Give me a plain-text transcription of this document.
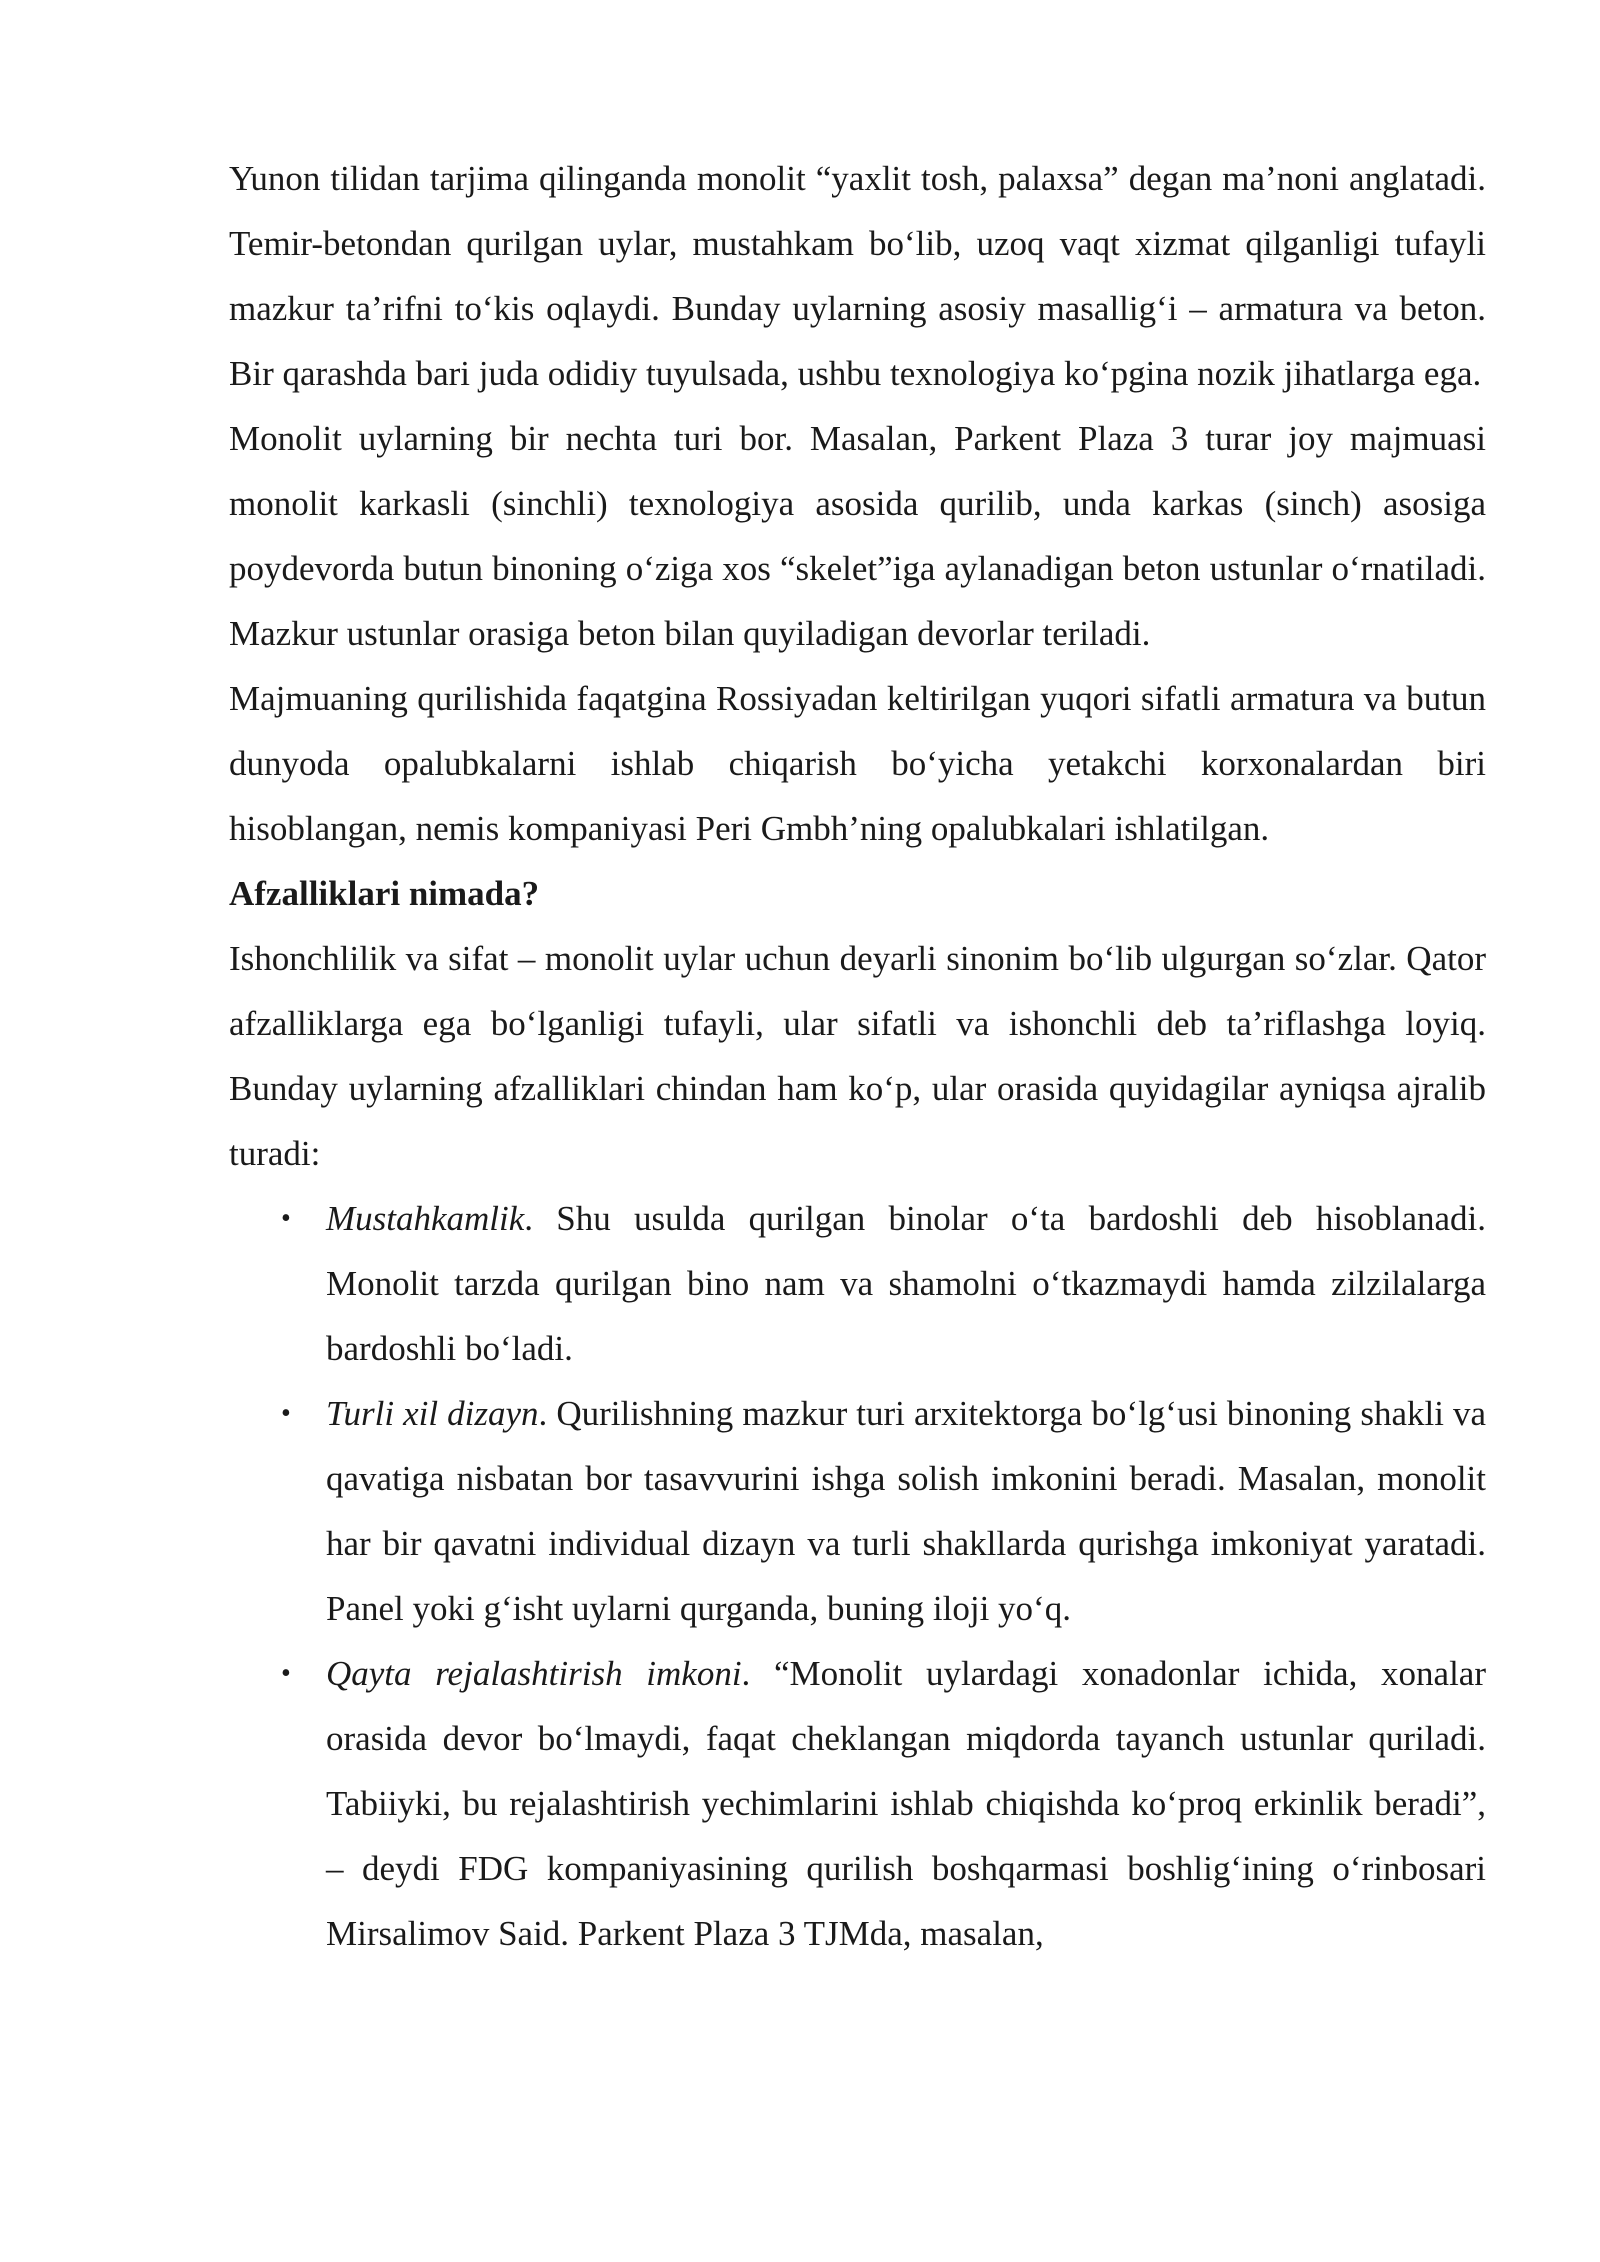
Yunon tilidan tarjima qilinganda monolit “yaxlit tosh, palaxsa” degan ma’noni anglatadi. Temir-betondan qurilgan uylar, mustahkam bo‘lib, uzoq vaqt xizmat qilganligi tufayli mazkur ta’rifni to‘kis oqlaydi. Bunday uylarning asosiy masallig‘i – armatura va beton. Bir qarashda bari juda odidiy tuyulsada, ushbu texnologiya ko‘pgina nozik jihatlarga ega.

Monolit uylarning bir nechta turi bor. Masalan, Parkent Plaza 3 turar joy majmuasi monolit karkasli (sinchli) texnologiya asosida qurilib, unda karkas (sinch) asosiga poydevorda butun binoning o‘ziga xos “skelet”iga aylanadigan beton ustunlar o‘rnatiladi. Mazkur ustunlar orasiga beton bilan quyiladigan devorlar teriladi.

Majmuaning qurilishida faqatgina Rossiyadan keltirilgan yuqori sifatli armatura va butun dunyoda opalubkalarni ishlab chiqarish bo‘yicha yetakchi korxonalardan biri hisoblangan, nemis kompaniyasi Peri Gmbh’ning opalubkalari ishlatilgan.

Afzalliklari nimada?

Ishonchlilik va sifat – monolit uylar uchun deyarli sinonim bo‘lib ulgurgan so‘zlar. Qator afzalliklarga ega bo‘lganligi tufayli, ular sifatli va ishonchli deb ta’riflashga loyiq. Bunday uylarning afzalliklari chindan ham ko‘p, ular orasida quyidagilar ayniqsa ajralib turadi:

• Mustahkamlik. Shu usulda qurilgan binolar o‘ta bardoshli deb hisoblanadi. Monolit tarzda qurilgan bino nam va shamolni o‘tkazmaydi hamda zilzilalarga bardoshli bo‘ladi.
• Turli xil dizayn. Qurilishning mazkur turi arxitektorga bo‘lg‘usi binoning shakli va qavatiga nisbatan bor tasavvurini ishga solish imkonini beradi. Masalan, monolit har bir qavatni individual dizayn va turli shakllarda qurishga imkoniyat yaratadi. Panel yoki g‘isht uylarni qurganda, buning iloji yo‘q.
• Qayta rejalashtirish imkoni. “Monolit uylardagi xonadonlar ichida, xonalar orasida devor bo‘lmaydi, faqat cheklangan miqdorda tayanch ustunlar quriladi. Tabiiyki, bu rejalashtirish yechimlarini ishlab chiqishda ko‘proq erkinlik beradi”, – deydi FDG kompaniyasining qurilish boshqarmasi boshlig‘ining o‘rinbosari Mirsalimov Said. Parkent Plaza 3 TJMda, masalan,
